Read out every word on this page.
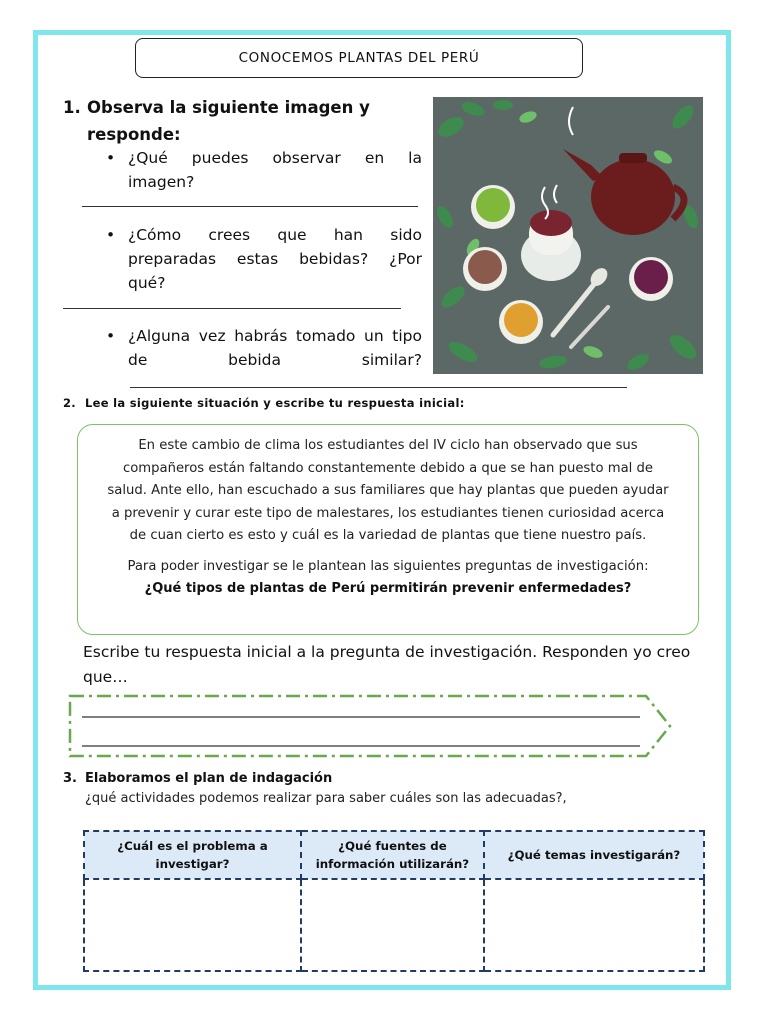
CONOCEMOS PLANTAS DEL PERÚ
1. Observa la siguiente imagen y
responde:
• ¿Qué puedes observar en la
imagen?
• ¿Cómo crees que han sido
preparadas estas bebidas? ¿Por
qué?
• ¿Alguna vez habrás tomado un tipo
de bebida similar?
2. Lee la siguiente situación y escribe tu respuesta inicial:

En este cambio de clima los estudiantes del IV ciclo han observado que sus compañeros están faltando constantemente debido a que se han puesto mal de salud. Ante ello, han escuchado a sus familiares que hay plantas que pueden ayudar a prevenir y curar este tipo de malestares, los estudiantes tienen curiosidad acerca de cuan cierto es esto y cuál es la variedad de plantas que tiene nuestro país.

Para poder investigar se le plantean las siguientes preguntas de investigación:

¿Qué tipos de plantas de Perú permitirán prevenir enfermedades?

Escribe tu respuesta inicial a la pregunta de investigación. Responden yo creo que…
3. Elaboramos el plan de indagación
¿qué actividades podemos realizar para saber cuáles son las adecuadas?,
¿Cuál es el problema a investigar?	¿Qué fuentes de información utilizarán?	¿Qué temas investigarán?
